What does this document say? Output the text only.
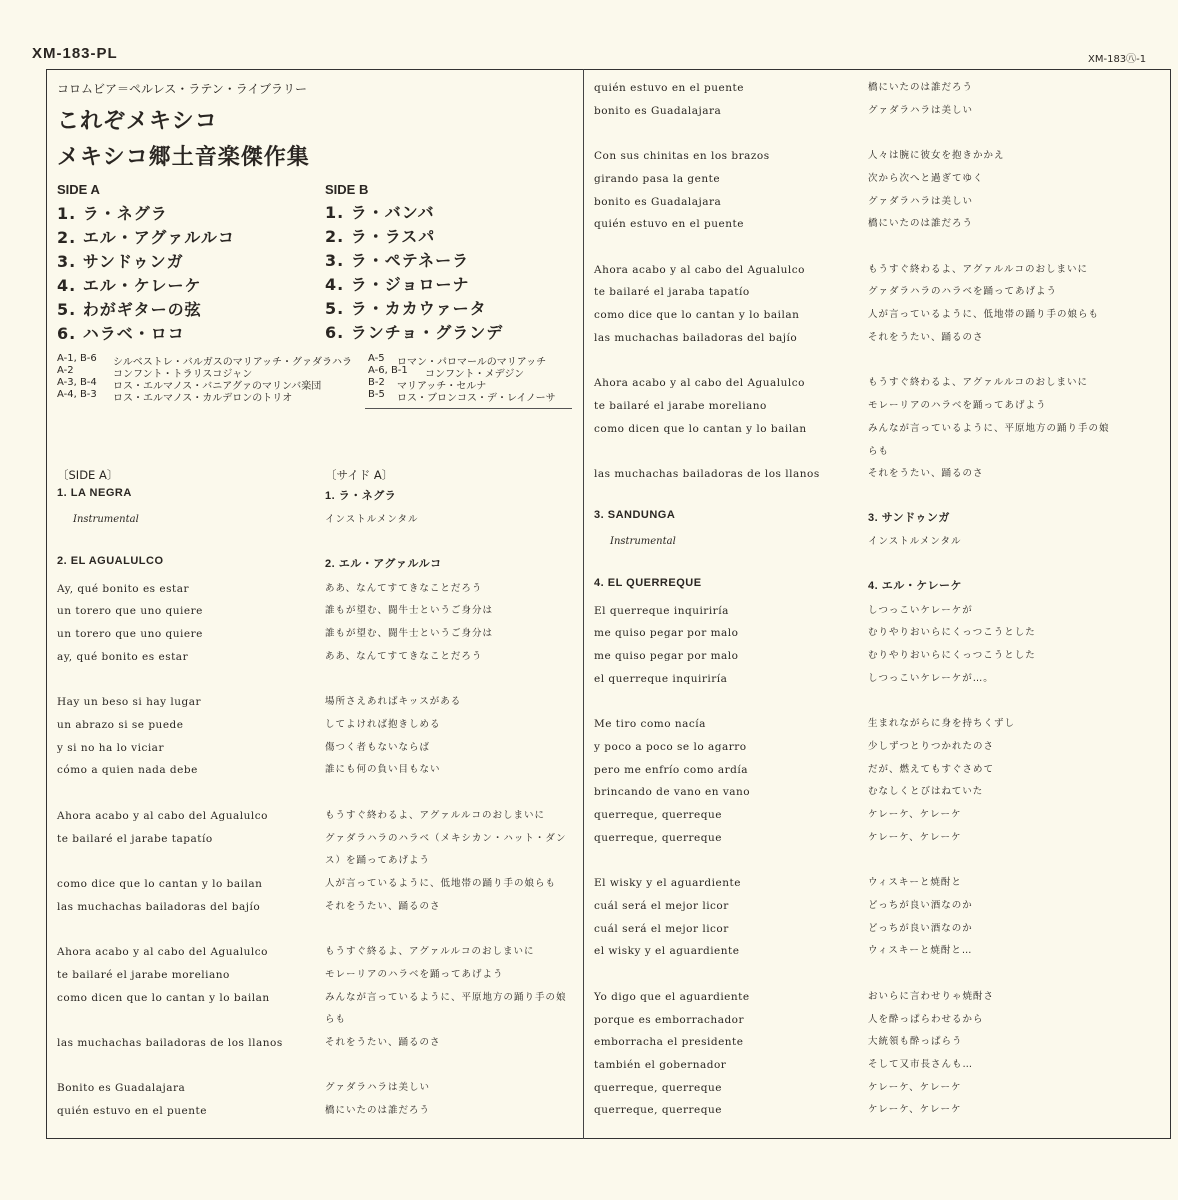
XM-183-PL	XM-183㊇-1
コロムビア＝ペルレス・ラテン・ライブラリー
これぞメキシコ
メキシコ郷土音楽傑作集
SIDE A	SIDE B
1. ラ・ネグラ
2. エル・アグァルルコ
3. サンドゥンガ
4. エル・ケレーケ
5. わがギターの弦
6. ハラベ・ロコ
1. ラ・バンバ
2. ラ・ラスパ
3. ラ・ペテネーラ
4. ラ・ジョローナ
5. ラ・カカウァータ
6. ランチョ・グランデ
A-1, B-6 シルベストレ・バルガスのマリアッチ・グァダラハラ
A-2	コンフント・トラリスコジャン
A-3, B-4 ロス・エルマノス・バニアグァのマリンバ楽団
A-4, B-3 ロス・エルマノス・カルデロンのトリオ
A-5 ロマン・パロマールのマリアッチ
A-6, B-1 コンフント・メデジン
B-2 マリアッチ・セルナ
B-5 ロス・ブロンコス・デ・レイノーサ
〔SIDE A〕	〔サイド A〕
1. LA NEGRA	1. ラ・ネグラ
Instrumental	インストルメンタル
2. EL AGUALULCO	2. エル・アグァルルコ
Ay, qué bonito es estar	ああ、なんてすてきなことだろう
un torero que uno quiere	誰もが望む、闘牛士というご身分は
un torero que uno quiere	誰もが望む、闘牛士というご身分は
ay, qué bonito es estar	ああ、なんてすてきなことだろう
Hay un beso si hay lugar	場所さえあればキッスがある
un abrazo si se puede	してよければ抱きしめる
y si no ha lo viciar	傷つく者もないならば
cómo a quien nada debe	誰にも何の負い目もない
Ahora acabo y al cabo del Agualulco	もうすぐ終わるよ、アグァルルコのおしまいに
te bailaré el jarabe tapatío	グァダラハラのハラベ（メキシカン・ハット・ダン
ス）を踊ってあげよう
como dice que lo cantan y lo bailan	人が言っているように、低地帯の踊り手の娘らも
las muchachas bailadoras del bajío	それをうたい、踊るのさ
Ahora acabo y al cabo del Agualulco	もうすぐ終るよ、アグァルルコのおしまいに
te bailaré el jarabe moreliano	モレーリアのハラベを踊ってあげよう
como dicen que lo cantan y lo bailan	みんなが言っているように、平原地方の踊り手の娘
らも
las muchachas bailadoras de los llanos	それをうたい、踊るのさ
Bonito es Guadalajara	グァダラハラは美しい
quién estuvo en el puente	橋にいたのは誰だろう
quién estuvo en el puente	橋にいたのは誰だろう
bonito es Guadalajara	グァダラハラは美しい
Con sus chinitas en los brazos	人々は腕に彼女を抱きかかえ
girando pasa la gente	次から次へと過ぎてゆく
bonito es Guadalajara	グァダラハラは美しい
quién estuvo en el puente	橋にいたのは誰だろう
Ahora acabo y al cabo del Agualulco	もうすぐ終わるよ、アグァルルコのおしまいに
te bailaré el jaraba tapatío	グァダラハラのハラベを踊ってあげよう
como dice que lo cantan y lo bailan	人が言っているように、低地帯の踊り手の娘らも
las muchachas bailadoras del bajío	それをうたい、踊るのさ
Ahora acabo y al cabo del Agualulco	もうすぐ終わるよ、アグァルルコのおしまいに
te bailaré el jarabe moreliano	モレーリアのハラベを踊ってあげよう
como dicen que lo cantan y lo bailan	みんなが言っているように、平原地方の踊り手の娘
らも
las muchachas bailadoras de los llanos	それをうたい、踊るのさ
3. SANDUNGA	3. サンドゥンガ
Instrumental	インストルメンタル
4. EL QUERREQUE	4. エル・ケレーケ
El querreque inquiriría	しつっこいケレーケが
me quiso pegar por malo	むりやりおいらにくっつこうとした
me quiso pegar por malo	むりやりおいらにくっつこうとした
el querreque inquiriría	しつっこいケレーケが…。
Me tiro como nacía	生まれながらに身を持ちくずし
y poco a poco se lo agarro	少しずつとりつかれたのさ
pero me enfrío como ardía	だが、燃えてもすぐさめて
brincando de vano en vano	むなしくとびはねていた
querreque, querreque	ケレーケ、ケレーケ
querreque, querreque	ケレーケ、ケレーケ
El wisky y el aguardiente	ウィスキーと焼酎と
cuál será el mejor licor	どっちが良い酒なのか
cuál será el mejor licor	どっちが良い酒なのか
el wisky y el aguardiente	ウィスキーと焼酎と…
Yo digo que el aguardiente	おいらに言わせりゃ焼酎さ
porque es emborrachador	人を酔っぱらわせるから
emborracha el presidente	大統領も酔っぱらう
también el gobernador	そして又市長さんも…
querreque, querreque	ケレーケ、ケレーケ
querreque, querreque	ケレーケ、ケレーケ
